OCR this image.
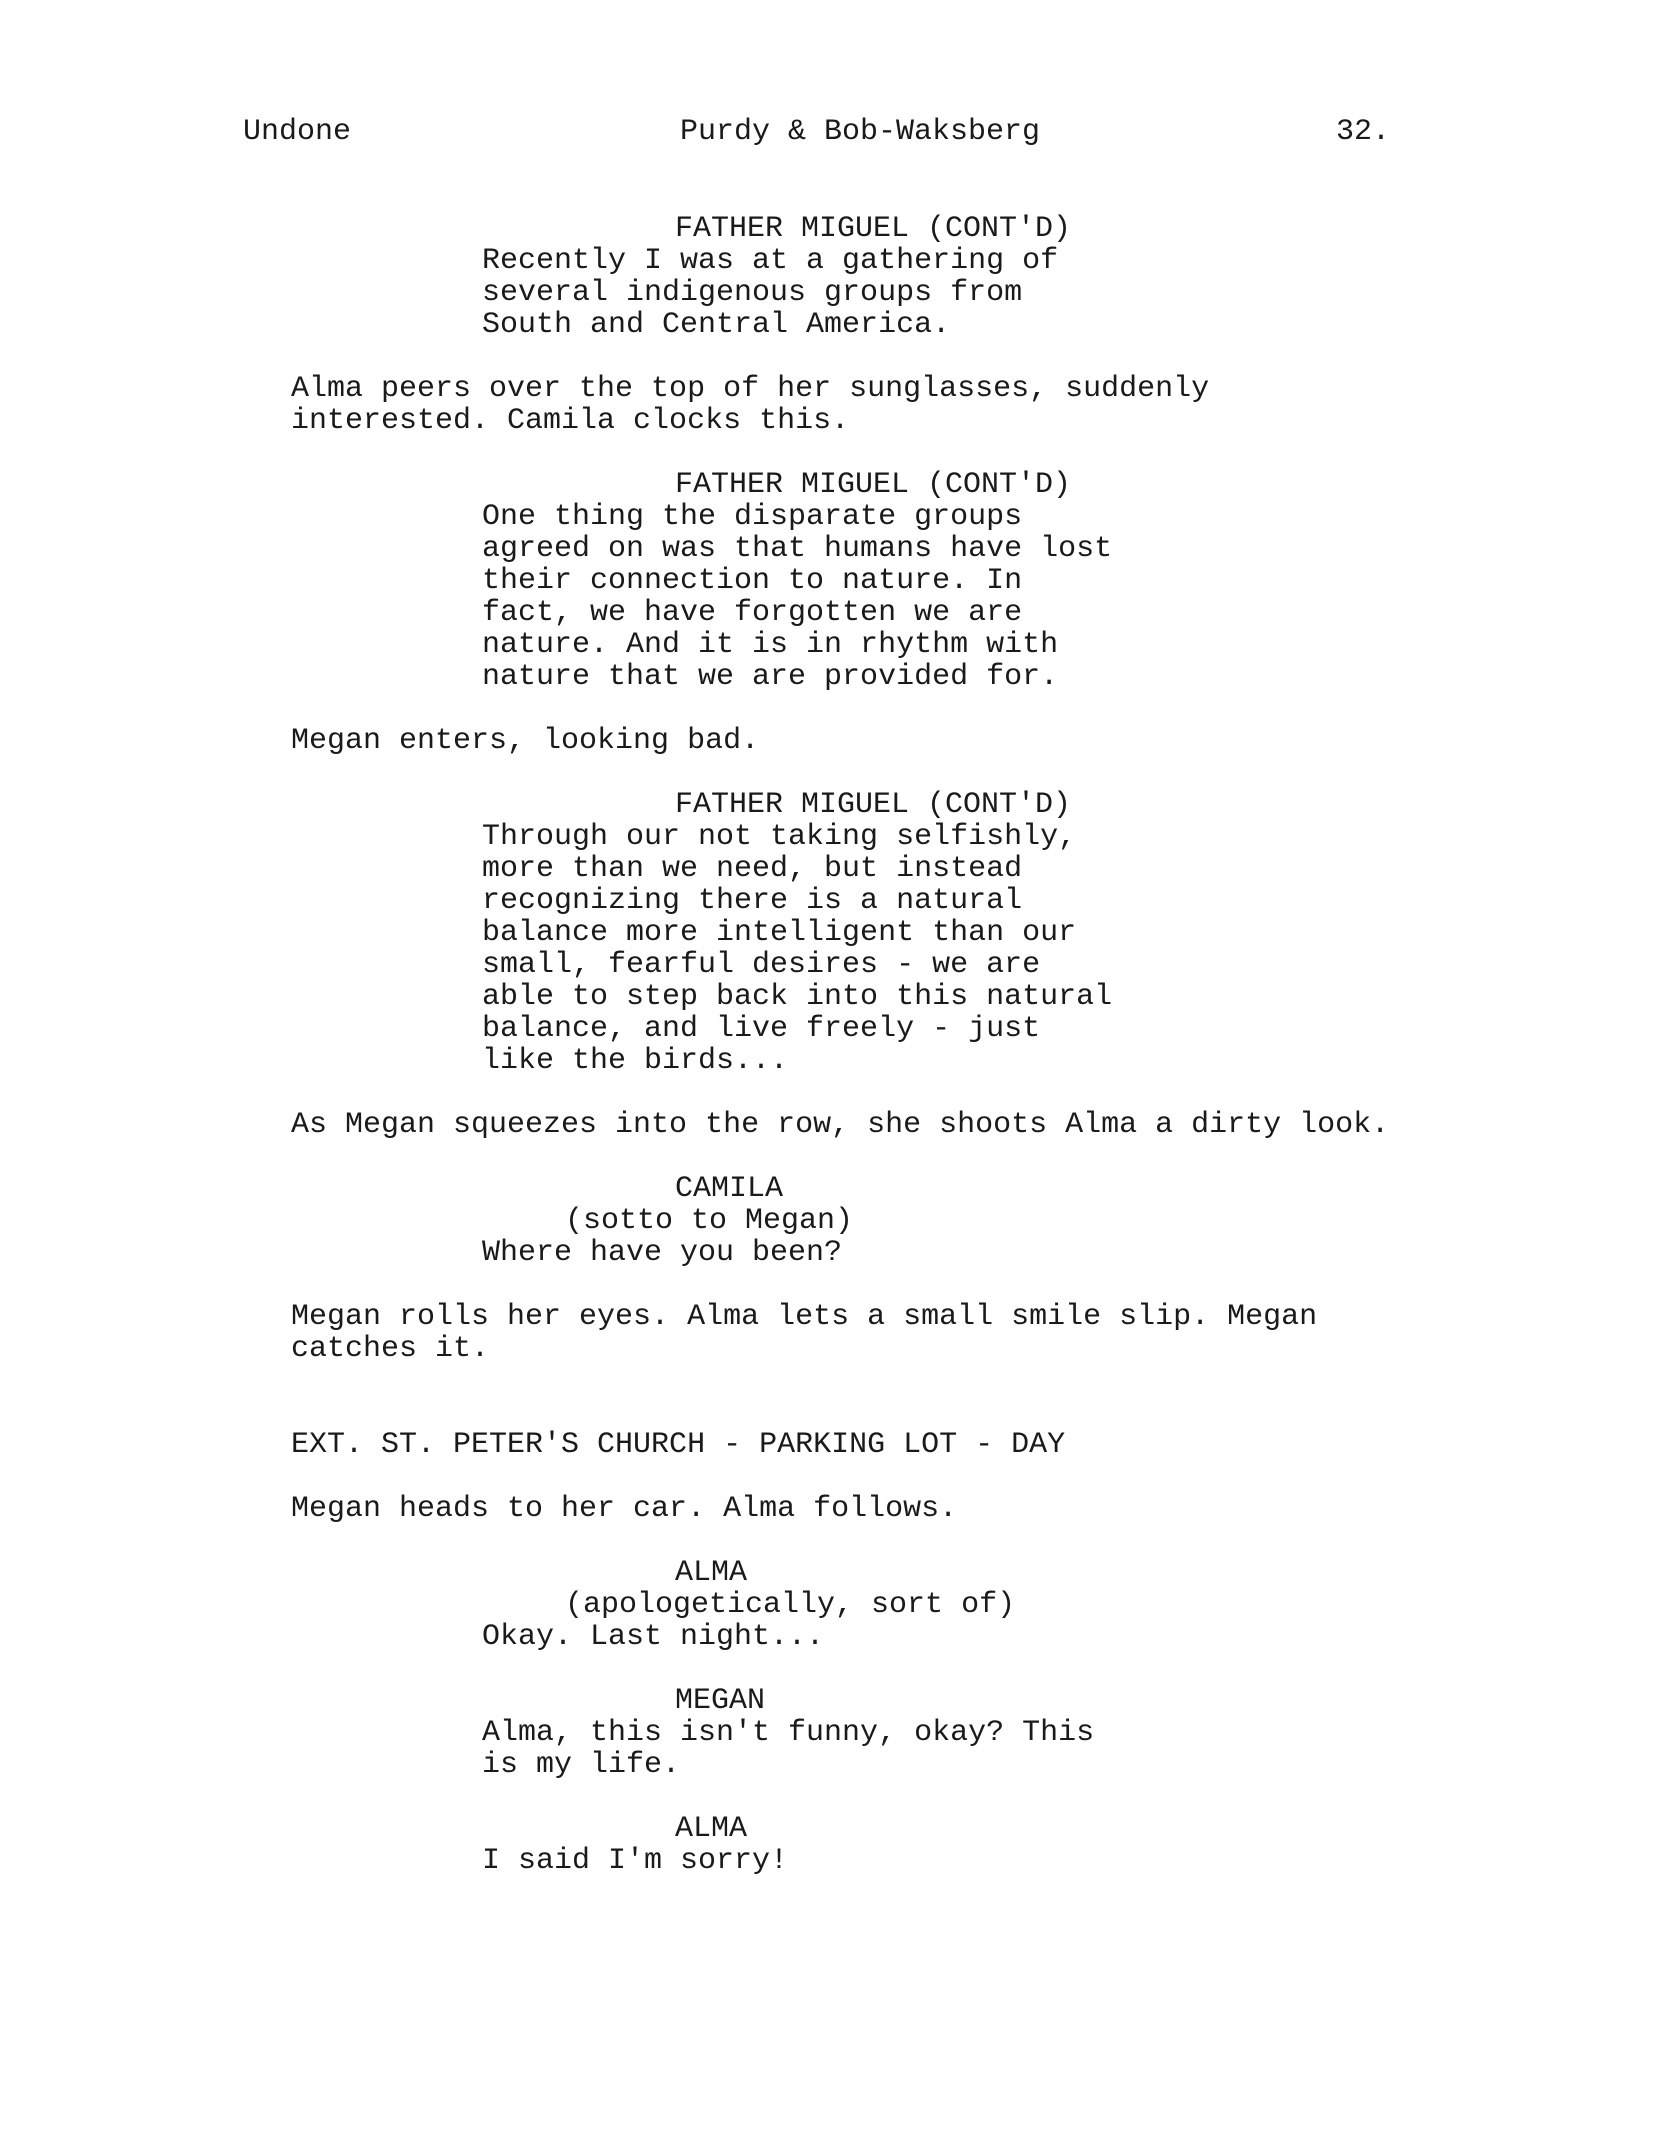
Undone	Purdy & Bob-Waksberg	32.
FATHER MIGUEL (CONT'D)
Recently I was at a gathering of
several indigenous groups from
South and Central America.
Alma peers over the top of her sunglasses, suddenly
interested. Camila clocks this.
FATHER MIGUEL (CONT'D)
One thing the disparate groups
agreed on was that humans have lost
their connection to nature. In
fact, we have forgotten we are
nature. And it is in rhythm with
nature that we are provided for.
Megan enters, looking bad.
FATHER MIGUEL (CONT'D)
Through our not taking selfishly,
more than we need, but instead
recognizing there is a natural
balance more intelligent than our
small, fearful desires - we are
able to step back into this natural
balance, and live freely - just
like the birds...
As Megan squeezes into the row, she shoots Alma a dirty look.
CAMILA
(sotto to Megan)
Where have you been?
Megan rolls her eyes. Alma lets a small smile slip. Megan
catches it.
EXT. ST. PETER'S CHURCH - PARKING LOT - DAY
Megan heads to her car. Alma follows.
ALMA
(apologetically, sort of)
Okay. Last night...
MEGAN
Alma, this isn't funny, okay? This
is my life.
ALMA
I said I'm sorry!
